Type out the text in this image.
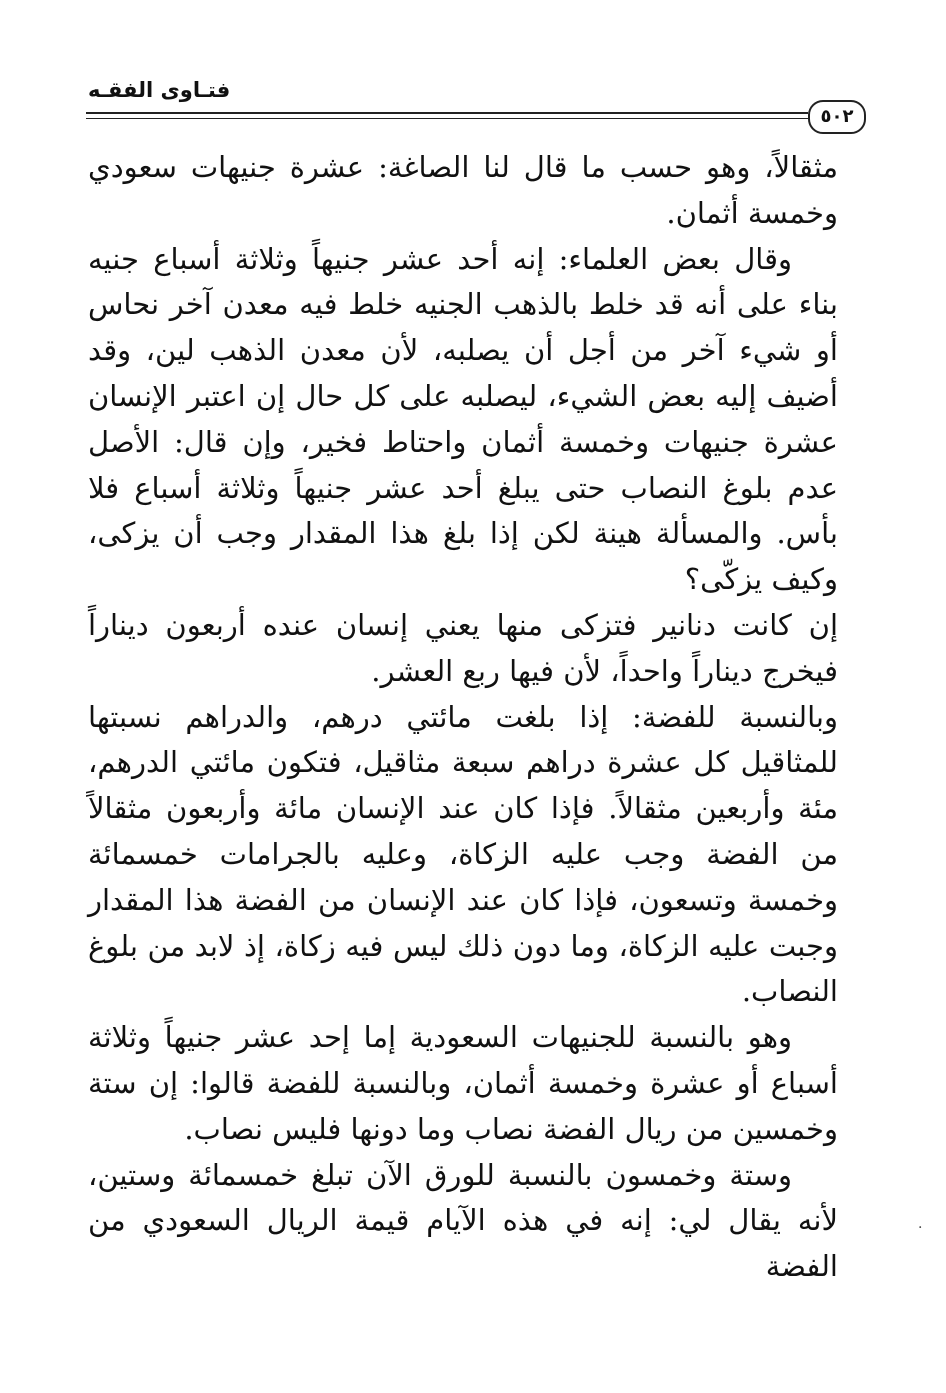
فتـاوى الفقـه
٥٠٢

مثقالاً، وهو حسب ما قال لنا الصاغة: عشرة جنيهات سعودي وخمسة أثمان.

وقال بعض العلماء: إنه أحد عشر جنيهاً وثلاثة أسباع جنيه بناء على أنه قد خلط بالذهب الجنيه خلط فيه معدن آخر نحاس أو شيء آخر من أجل أن يصلبه، لأن معدن الذهب لين، وقد أضيف إليه بعض الشيء، ليصلبه على كل حال إن اعتبر الإنسان عشرة جنيهات وخمسة أثمان واحتاط فخير، وإن قال: الأصل عدم بلوغ النصاب حتى يبلغ أحد عشر جنيهاً وثلاثة أسباع فلا بأس. والمسألة هينة لكن إذا بلغ هذا المقدار وجب أن يزكى، وكيف يزكّى؟

إن كانت دنانير فتزكى منها يعني إنسان عنده أربعون ديناراً فيخرج ديناراً واحداً، لأن فيها ربع العشر.

وبالنسبة للفضة: إذا بلغت مائتي درهم، والدراهم نسبتها للمثاقيل كل عشرة دراهم سبعة مثاقيل، فتكون مائتي الدرهم، مئة وأربعين مثقالاً. فإذا كان عند الإنسان مائة وأربعون مثقالاً من الفضة وجب عليه الزكاة، وعليه بالجرامات خمسمائة وخمسة وتسعون، فإذا كان عند الإنسان من الفضة هذا المقدار وجبت عليه الزكاة، وما دون ذلك ليس فيه زكاة، إذ لابد من بلوغ النصاب.

وهو بالنسبة للجنيهات السعودية إما إحد عشر جنيهاً وثلاثة أسباع أو عشرة وخمسة أثمان، وبالنسبة للفضة قالوا: إن ستة وخمسين من ريال الفضة نصاب وما دونها فليس نصاب.

وستة وخمسون بالنسبة للورق الآن تبلغ خمسمائة وستين، لأنه يقال لي: إنه في هذه الآيام قيمة الريال السعودي من الفضة

·
